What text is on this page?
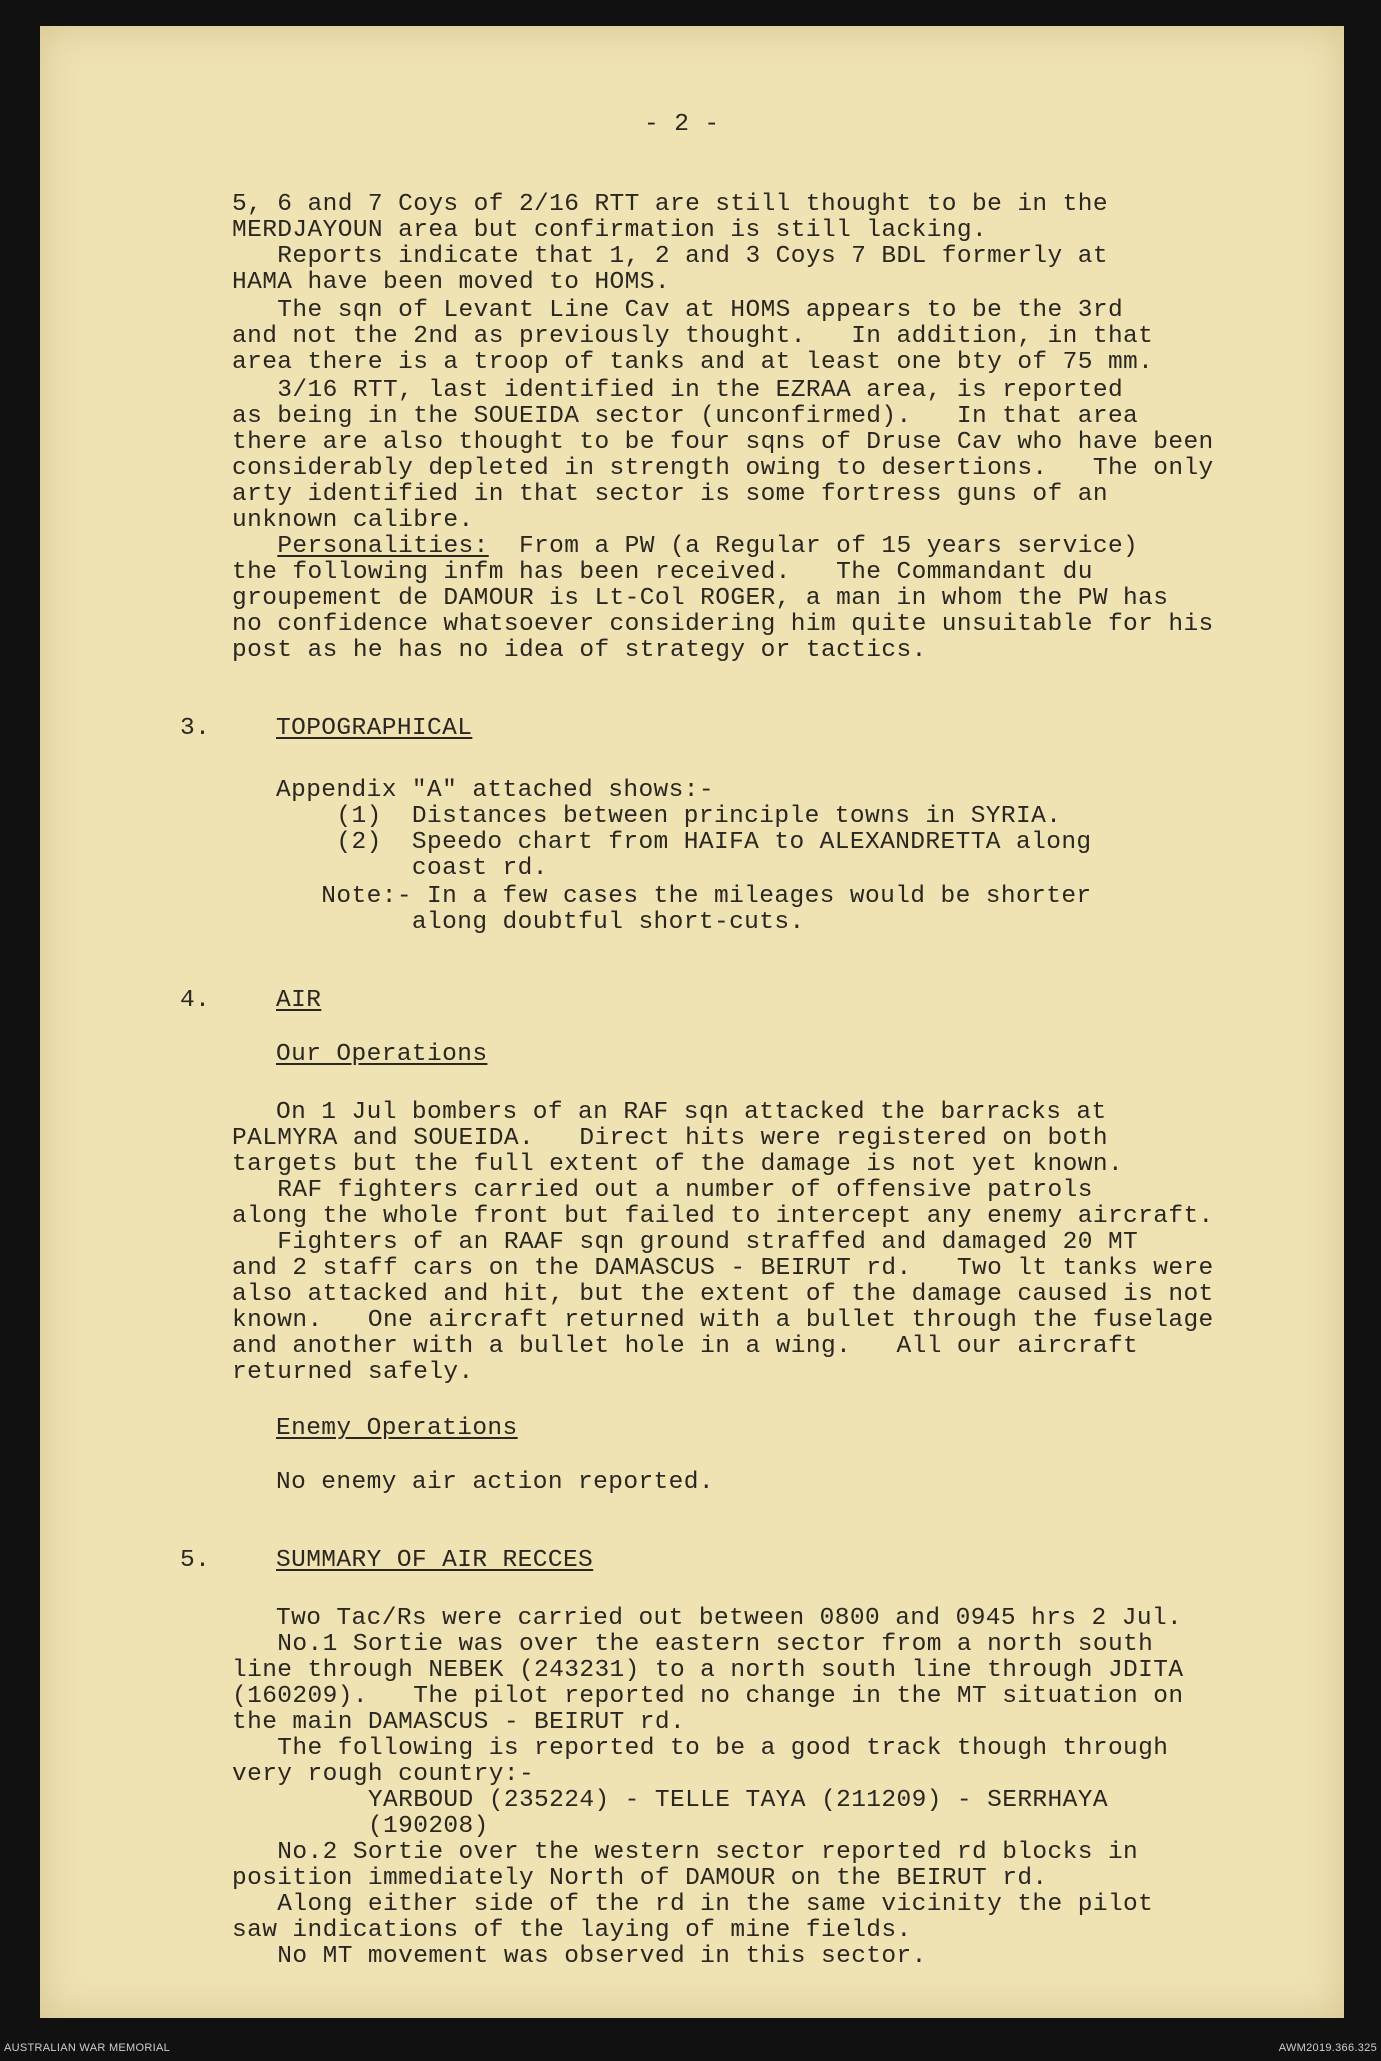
- 2 -
5, 6 and 7 Coys of 2/16 RTT are still thought to be in the
MERDJAYOUN area but confirmation is still lacking.
Reports indicate that 1, 2 and 3 Coys 7 BDL formerly at
HAMA have been moved to HOMS.
The sqn of Levant Line Cav at HOMS appears to be the 3rd
and not the 2nd as previously thought.   In addition, in that
area there is a troop of tanks and at least one bty of 75 mm.
3/16 RTT, last identified in the EZRAA area, is reported
as being in the SOUEIDA sector (unconfirmed).   In that area
there are also thought to be four sqns of Druse Cav who have been
considerably depleted in strength owing to desertions.   The only
arty identified in that sector is some fortress guns of an
unknown calibre.
Personalities:  From a PW (a Regular of 15 years service)
the following infm has been received.   The Commandant du
groupement de DAMOUR is Lt-Col ROGER, a man in whom the PW has
no confidence whatsoever considering him quite unsuitable for his
post as he has no idea of strategy or tactics.
3.	TOPOGRAPHICAL
Appendix "A" attached shows:-
(1)  Distances between principle towns in SYRIA.
(2)  Speedo chart from HAIFA to ALEXANDRETTA along
coast rd.
Note:- In a few cases the mileages would be shorter
along doubtful short-cuts.
4.	AIR
Our Operations
On 1 Jul bombers of an RAF sqn attacked the barracks at
PALMYRA and SOUEIDA.   Direct hits were registered on both
targets but the full extent of the damage is not yet known.
RAF fighters carried out a number of offensive patrols
along the whole front but failed to intercept any enemy aircraft.
Fighters of an RAAF sqn ground straffed and damaged 20 MT
and 2 staff cars on the DAMASCUS - BEIRUT rd.   Two lt tanks were
also attacked and hit, but the extent of the damage caused is not
known.   One aircraft returned with a bullet through the fuselage
and another with a bullet hole in a wing.   All our aircraft
returned safely.
Enemy Operations
No enemy air action reported.
5.	SUMMARY OF AIR RECCES
Two Tac/Rs were carried out between 0800 and 0945 hrs 2 Jul.
No.1 Sortie was over the eastern sector from a north south
line through NEBEK (243231) to a north south line through JDITA
(160209).   The pilot reported no change in the MT situation on
the main DAMASCUS - BEIRUT rd.
The following is reported to be a good track though through
very rough country:-
YARBOUD (235224) - TELLE TAYA (211209) - SERRHAYA
(190208)
No.2 Sortie over the western sector reported rd blocks in
position immediately North of DAMOUR on the BEIRUT rd.
Along either side of the rd in the same vicinity the pilot
saw indications of the laying of mine fields.
No MT movement was observed in this sector.
AUSTRALIAN WAR MEMORIAL	AWM2019.366.325
